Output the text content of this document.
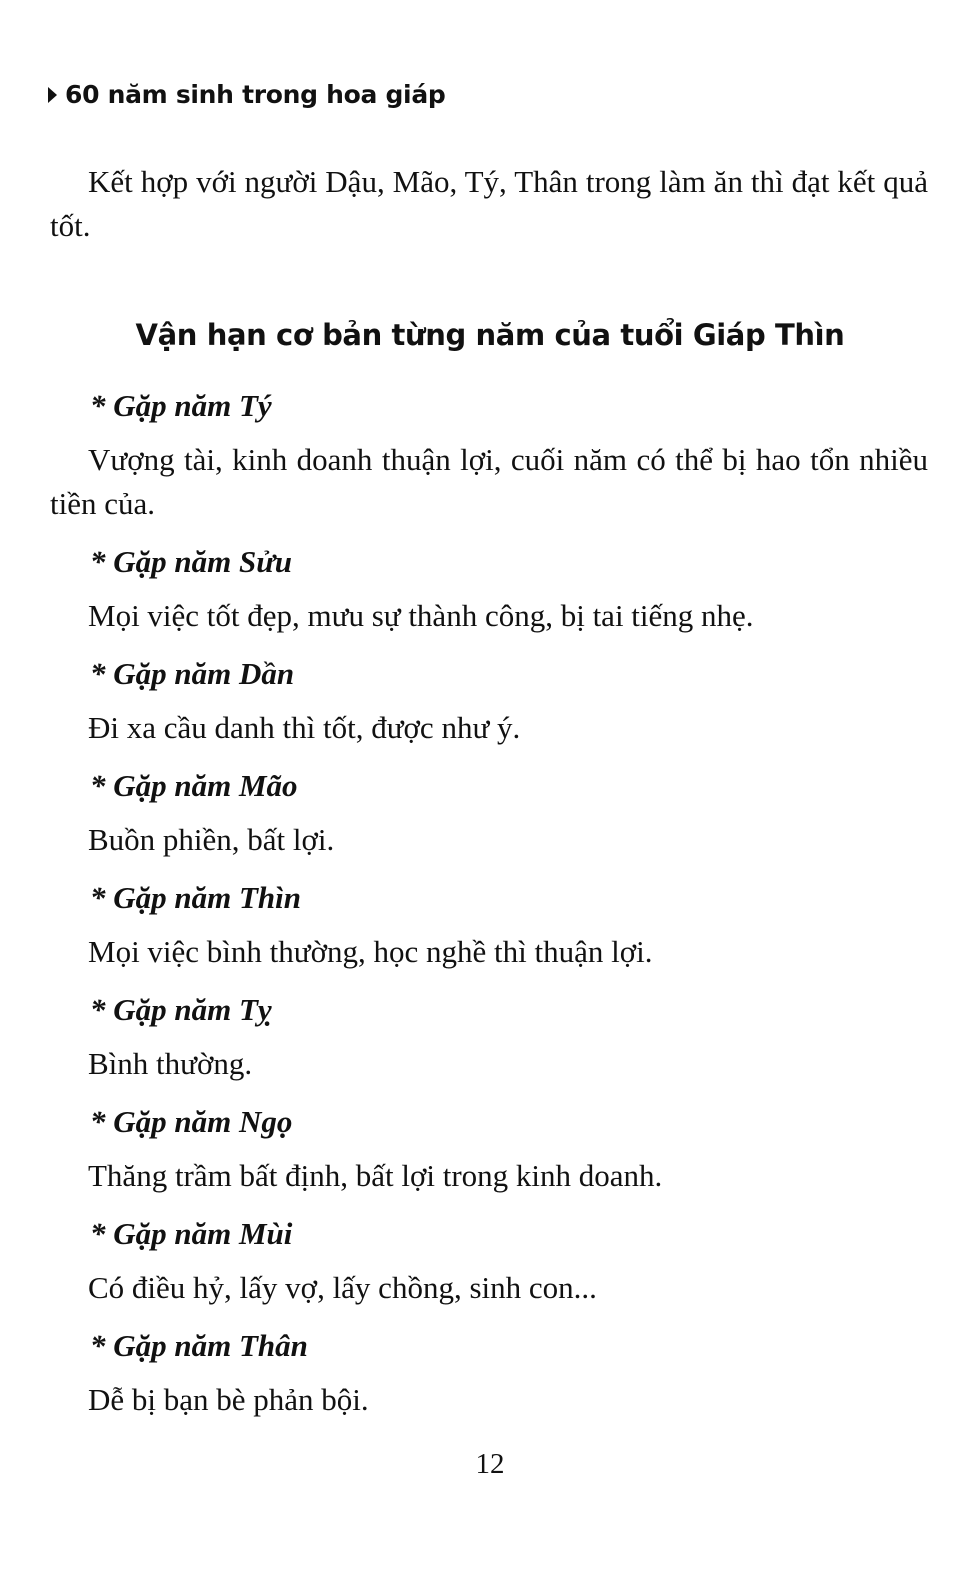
60 năm sinh trong hoa giáp

Kết hợp với người Dậu, Mão, Tý, Thân trong làm ăn thì đạt kết quả tốt.

Vận hạn cơ bản từng năm của tuổi Giáp Thìn
* Gặp năm Tý
Vượng tài, kinh doanh thuận lợi, cuối năm có thể bị hao tổn nhiều tiền của.
* Gặp năm Sửu
Mọi việc tốt đẹp, mưu sự thành công, bị tai tiếng nhẹ.
* Gặp năm Dần
Đi xa cầu danh thì tốt, được như ý.
* Gặp năm Mão
Buồn phiền, bất lợi.
* Gặp năm Thìn
Mọi việc bình thường, học nghề thì thuận lợi.
* Gặp năm Tỵ
Bình thường.
* Gặp năm Ngọ
Thăng trầm bất định, bất lợi trong kinh doanh.
* Gặp năm Mùi
Có điều hỷ, lấy vợ, lấy chồng, sinh con...
* Gặp năm Thân
Dễ bị bạn bè phản bội.
12
